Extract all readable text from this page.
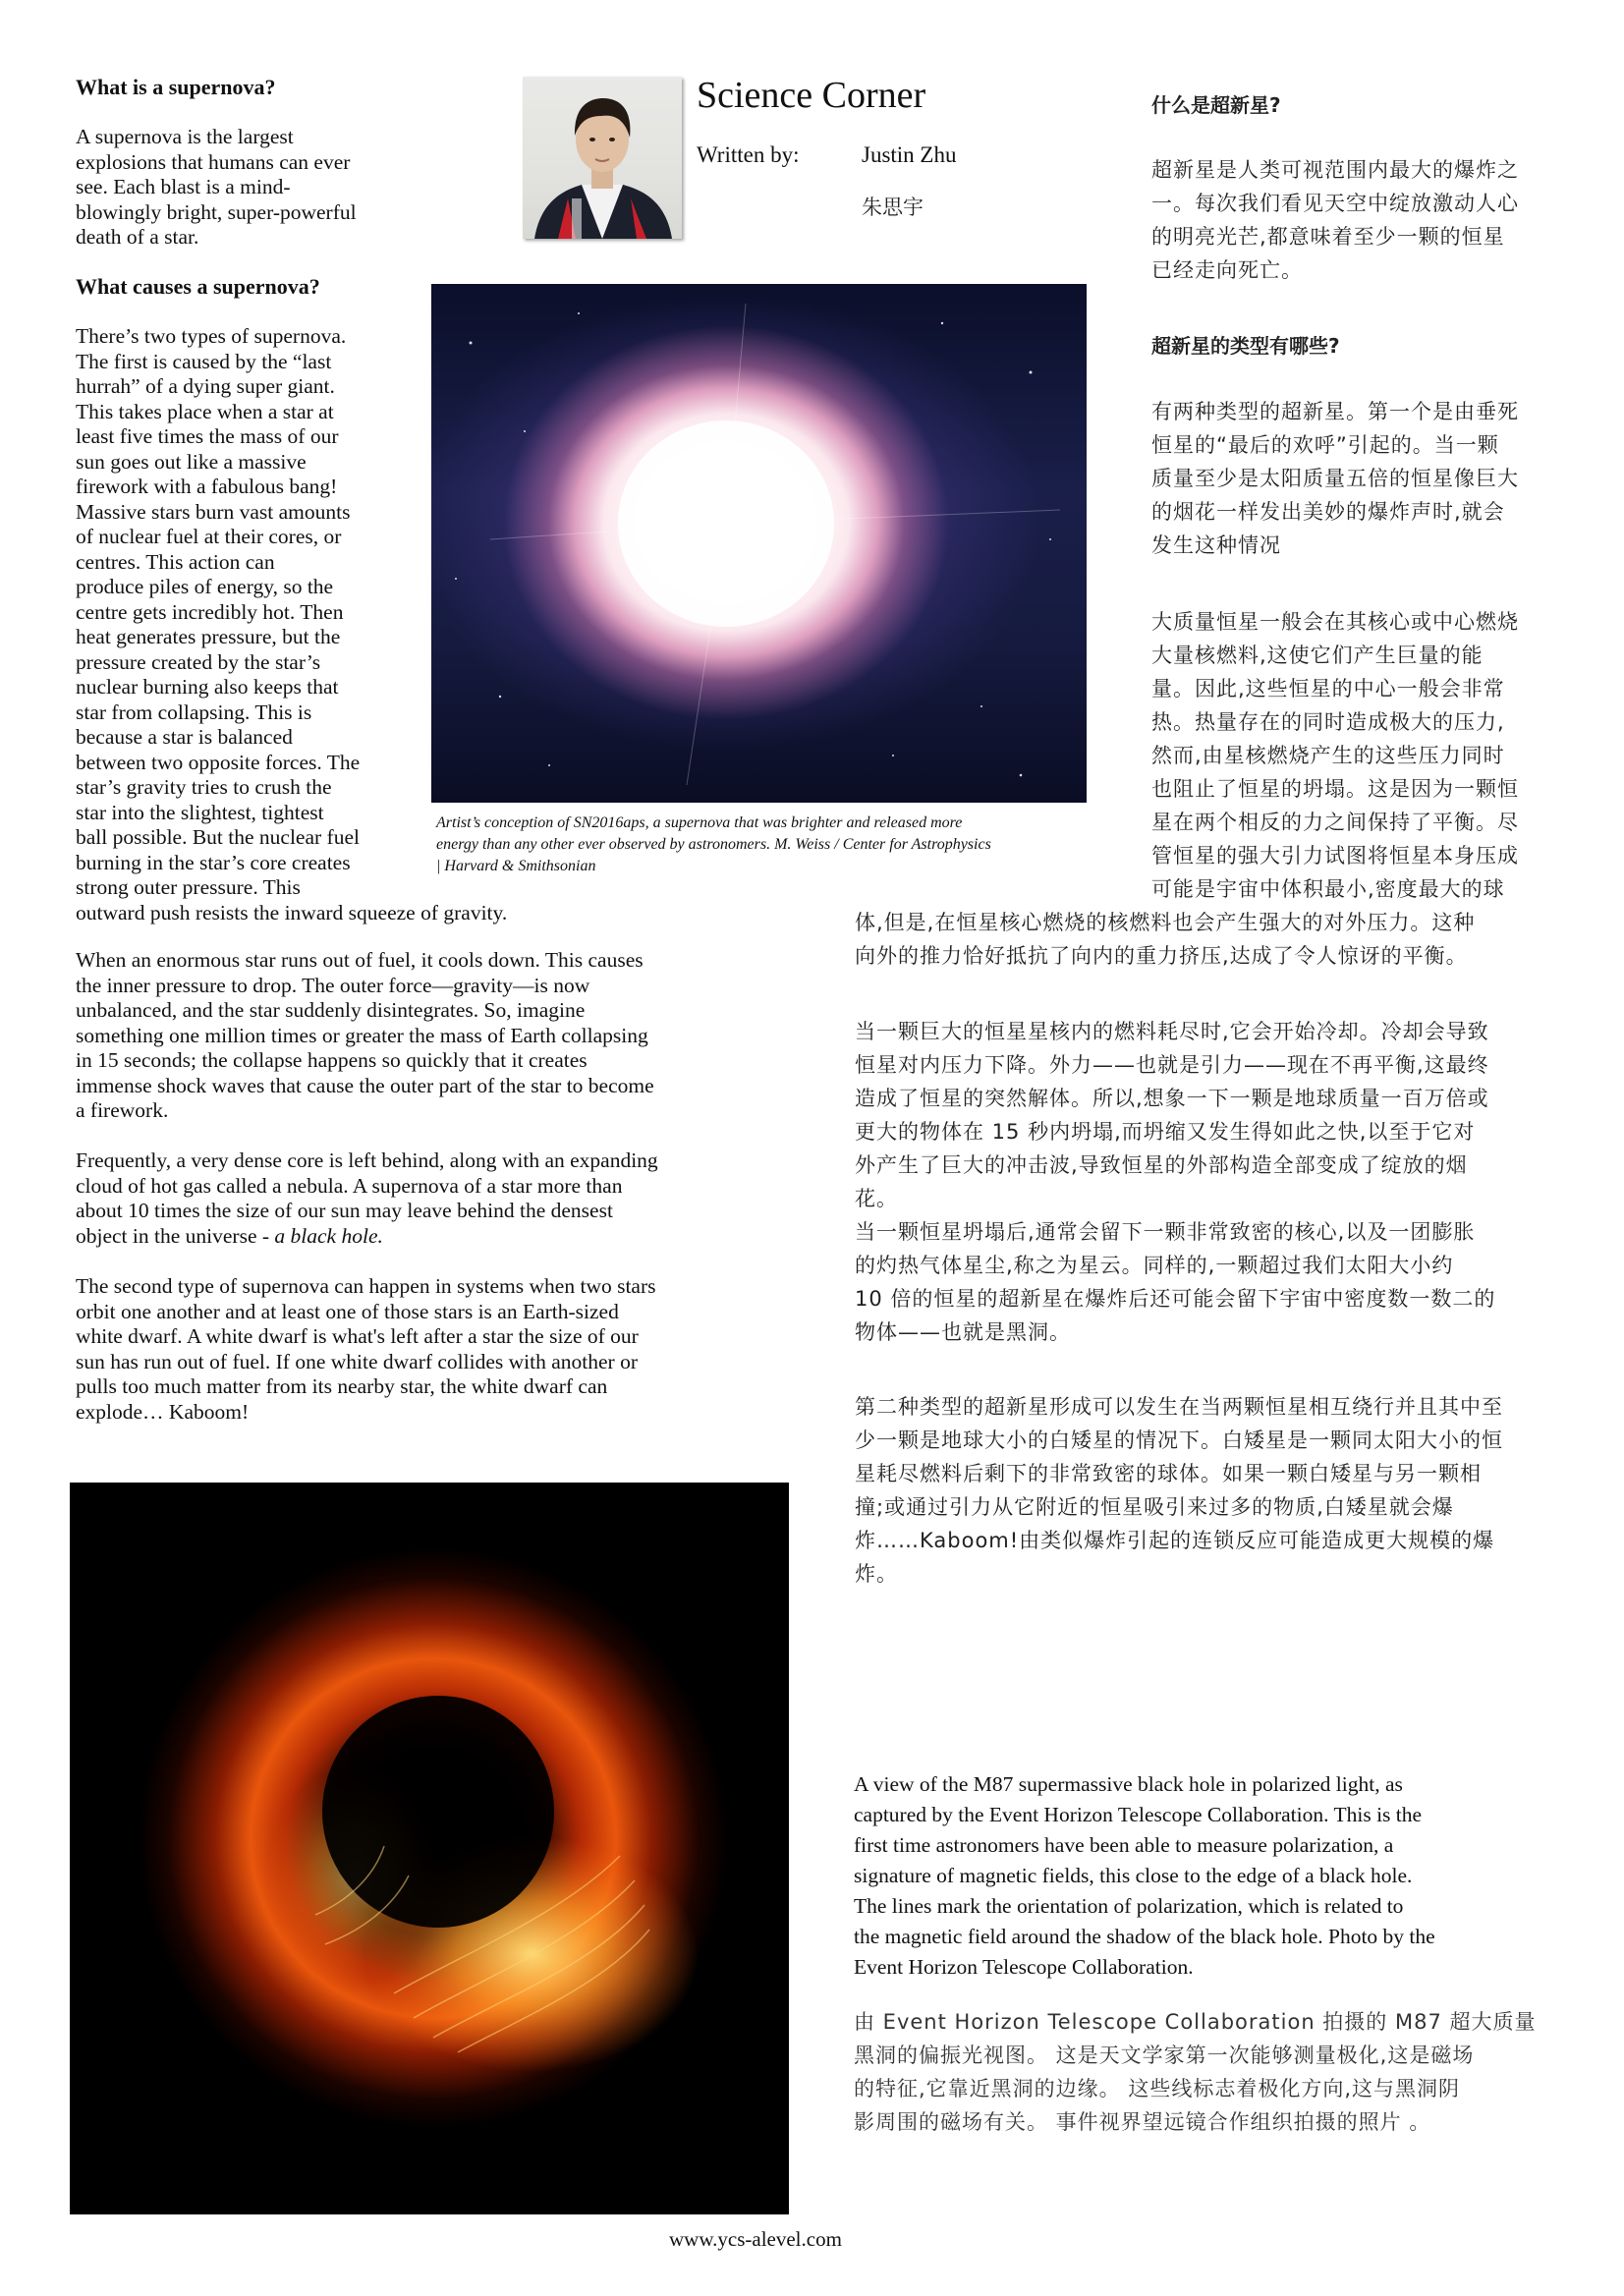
Science Corner
Written by:	Justin Zhu
朱思宇
What is a supernova?
A supernova is the largest
explosions that humans can ever
see. Each blast is a mind-
blowingly bright, super-powerful
death of a star.
What causes a supernova?
There’s two types of supernova.
The first is caused by the “last
hurrah” of a dying super giant.
This takes place when a star at
least five times the mass of our
sun goes out like a massive
firework with a fabulous bang!
Massive stars burn vast amounts
of nuclear fuel at their cores, or
centres. This action can
produce piles of energy, so the
centre gets incredibly hot. Then
heat generates pressure, but the
pressure created by the star’s
nuclear burning also keeps that
star from collapsing. This is
because a star is balanced
between two opposite forces. The
star’s gravity tries to crush the
star into the slightest, tightest
ball possible. But the nuclear fuel
burning in the star’s core creates
strong outer pressure. This
outward push resists the inward squeeze of gravity.
When an enormous star runs out of fuel, it cools down. This causes
the inner pressure to drop. The outer force—gravity—is now
unbalanced, and the star suddenly disintegrates. So, imagine
something one million times or greater the mass of Earth collapsing
in 15 seconds; the collapse happens so quickly that it creates
immense shock waves that cause the outer part of the star to become
a firework.
Frequently, a very dense core is left behind, along with an expanding
cloud of hot gas called a nebula. A supernova of a star more than
about 10 times the size of our sun may leave behind the densest
object in the universe - a black hole.
The second type of supernova can happen in systems when two stars
orbit one another and at least one of those stars is an Earth-sized
white dwarf. A white dwarf is what's left after a star the size of our
sun has run out of fuel. If one white dwarf collides with another or
pulls too much matter from its nearby star, the white dwarf can
explode… Kaboom!
Artist’s conception of SN2016aps, a supernova that was brighter and released more
energy than any other ever observed by astronomers. M. Weiss / Center for Astrophysics
| Harvard & Smithsonian
什么是超新星?
超新星是人类可视范围内最大的爆炸之
一。每次我们看见天空中绽放激动人心
的明亮光芒,都意味着至少一颗的恒星
已经走向死亡。
超新星的类型有哪些?
有两种类型的超新星。第一个是由垂死
恒星的“最后的欢呼”引起的。当一颗
质量至少是太阳质量五倍的恒星像巨大
的烟花一样发出美妙的爆炸声时,就会
发生这种情况
大质量恒星一般会在其核心或中心燃烧
大量核燃料,这使它们产生巨量的能
量。因此,这些恒星的中心一般会非常
热。热量存在的同时造成极大的压力,
然而,由星核燃烧产生的这些压力同时
也阻止了恒星的坍塌。这是因为一颗恒
星在两个相反的力之间保持了平衡。尽
管恒星的强大引力试图将恒星本身压成
可能是宇宙中体积最小,密度最大的球
体,但是,在恒星核心燃烧的核燃料也会产生强大的对外压力。这种
向外的推力恰好抵抗了向内的重力挤压,达成了令人惊讶的平衡。
当一颗巨大的恒星星核内的燃料耗尽时,它会开始冷却。冷却会导致
恒星对内压力下降。外力——也就是引力——现在不再平衡,这最终
造成了恒星的突然解体。所以,想象一下一颗是地球质量一百万倍或
更大的物体在 15 秒内坍塌,而坍缩又发生得如此之快,以至于它对
外产生了巨大的冲击波,导致恒星的外部构造全部变成了绽放的烟
花。
当一颗恒星坍塌后,通常会留下一颗非常致密的核心,以及一团膨胀
的灼热气体星尘,称之为星云。同样的,一颗超过我们太阳大小约
10 倍的恒星的超新星在爆炸后还可能会留下宇宙中密度数一数二的
物体——也就是黑洞。
第二种类型的超新星形成可以发生在当两颗恒星相互绕行并且其中至
少一颗是地球大小的白矮星的情况下。白矮星是一颗同太阳大小的恒
星耗尽燃料后剩下的非常致密的球体。如果一颗白矮星与另一颗相
撞;或通过引力从它附近的恒星吸引来过多的物质,白矮星就会爆
炸……Kaboom!由类似爆炸引起的连锁反应可能造成更大规模的爆
炸。
A view of the M87 supermassive black hole in polarized light, as
captured by the Event Horizon Telescope Collaboration. This is the
first time astronomers have been able to measure polarization, a
signature of magnetic fields, this close to the edge of a black hole.
The lines mark the orientation of polarization, which is related to
the magnetic field around the shadow of the black hole. Photo by the
Event Horizon Telescope Collaboration.
由 Event Horizon Telescope Collaboration 拍摄的 M87 超大质量
黑洞的偏振光视图。 这是天文学家第一次能够测量极化,这是磁场
的特征,它靠近黑洞的边缘。 这些线标志着极化方向,这与黑洞阴
影周围的磁场有关。 事件视界望远镜合作组织拍摄的照片 。
www.ycs-alevel.com
